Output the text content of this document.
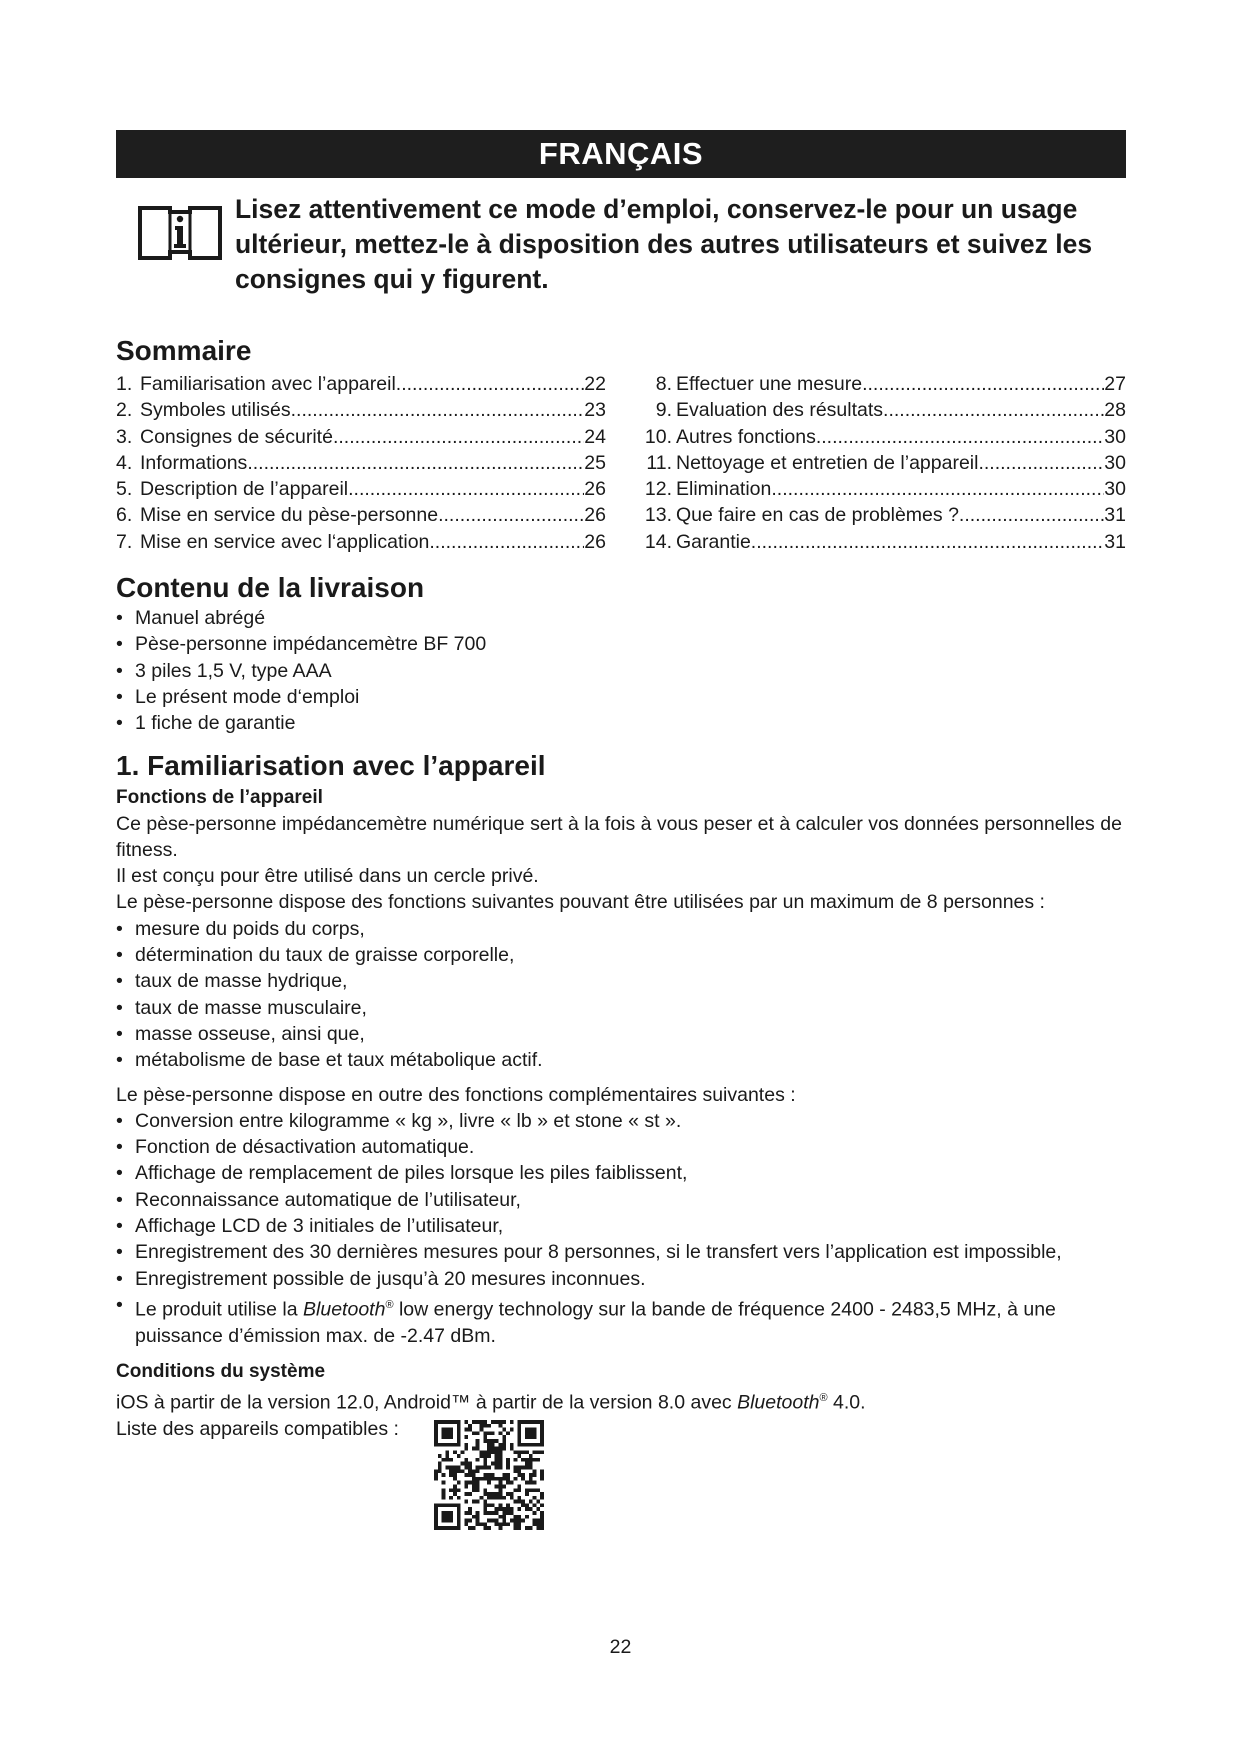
FRANÇAIS
Lisez attentivement ce mode d’emploi, conservez-le pour un usage ultérieur, mettez-le à disposition des autres utilisateurs et suivez les consignes qui y figurent.
Sommaire
1. Familiarisation avec l’appareil .....	22
2. Symboles utilisés .....	23
3. Consignes de sécurité .....	24
4. Informations .....	25
5. Description de l’appareil .....	26
6. Mise en service du pèse-personne .....	26
7. Mise en service avec l‘application .....	26
8. Effectuer une mesure .....	27
9. Evaluation des résultats .....	28
10. Autres fonctions .....	30
11. Nettoyage et entretien de l’appareil .....	30
12. Elimination .....	30
13. Que faire en cas de problèmes ? .....	31
14. Garantie .....	31
Contenu de la livraison
• Manuel abrégé
• Pèse-personne impédancemètre BF 700
• 3 piles 1,5 V, type AAA
• Le présent mode d‘emploi
• 1 fiche de garantie
1. Familiarisation avec l’appareil
Fonctions de l’appareil

Ce pèse-personne impédancemètre numérique sert à la fois à vous peser et à calculer vos données personnelles de fitness.

Il est conçu pour être utilisé dans un cercle privé.

Le pèse-personne dispose des fonctions suivantes pouvant être utilisées par un maximum de 8 personnes :

• mesure du poids du corps,
• détermination du taux de graisse corporelle,
• taux de masse hydrique,
• taux de masse musculaire,
• masse osseuse, ainsi que,
• métabolisme de base et taux métabolique actif.

Le pèse-personne dispose en outre des fonctions complémentaires suivantes :

• Conversion entre kilogramme « kg », livre « lb » et stone « st ».
• Fonction de désactivation automatique.
• Affichage de remplacement de piles lorsque les piles faiblissent,
• Reconnaissance automatique de l’utilisateur,
• Affichage LCD de 3 initiales de l’utilisateur,
• Enregistrement des 30 dernières mesures pour 8 personnes, si le transfert vers l’application est impossible,
• Enregistrement possible de jusqu’à 20 mesures inconnues.
• Le produit utilise la Bluetooth® low energy technology sur la bande de fréquence 2400 - 2483,5 MHz, à une puissance d’émission max. de -2.47 dBm.
Conditions du système

iOS à partir de la version 12.0, Android™ à partir de la version 8.0 avec Bluetooth® 4.0.

Liste des appareils compatibles :
22
